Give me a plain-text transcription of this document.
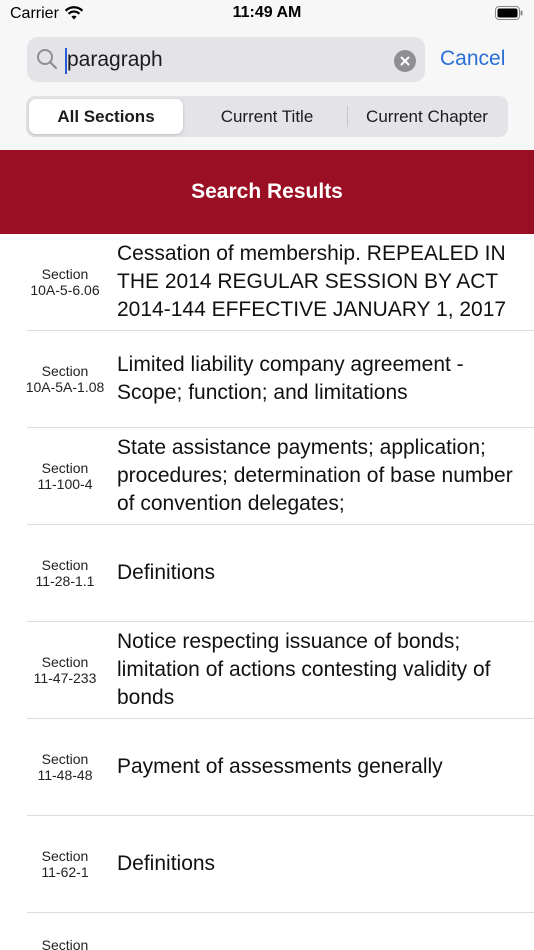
Carrier	11:49 AM
paragraph
Cancel
All Sections	Current Title	Current Chapter
Search Results
Section
10A-5-6.06
Cessation of membership. REPEALED IN THE 2014 REGULAR SESSION BY ACT 2014-144 EFFECTIVE JANUARY 1, 2017
Section
10A-5A-1.08
Limited liability company agreement - Scope; function; and limitations
Section
11-100-4
State assistance payments; application; procedures; determination of base number of convention delegates;
Section
11-28-1.1 Definitions
Section
11-47-233
Notice respecting issuance of bonds; limitation of actions contesting validity of bonds
Section
11-48-48 Payment of assessments generally
Section
11-62-1 Definitions
Section
